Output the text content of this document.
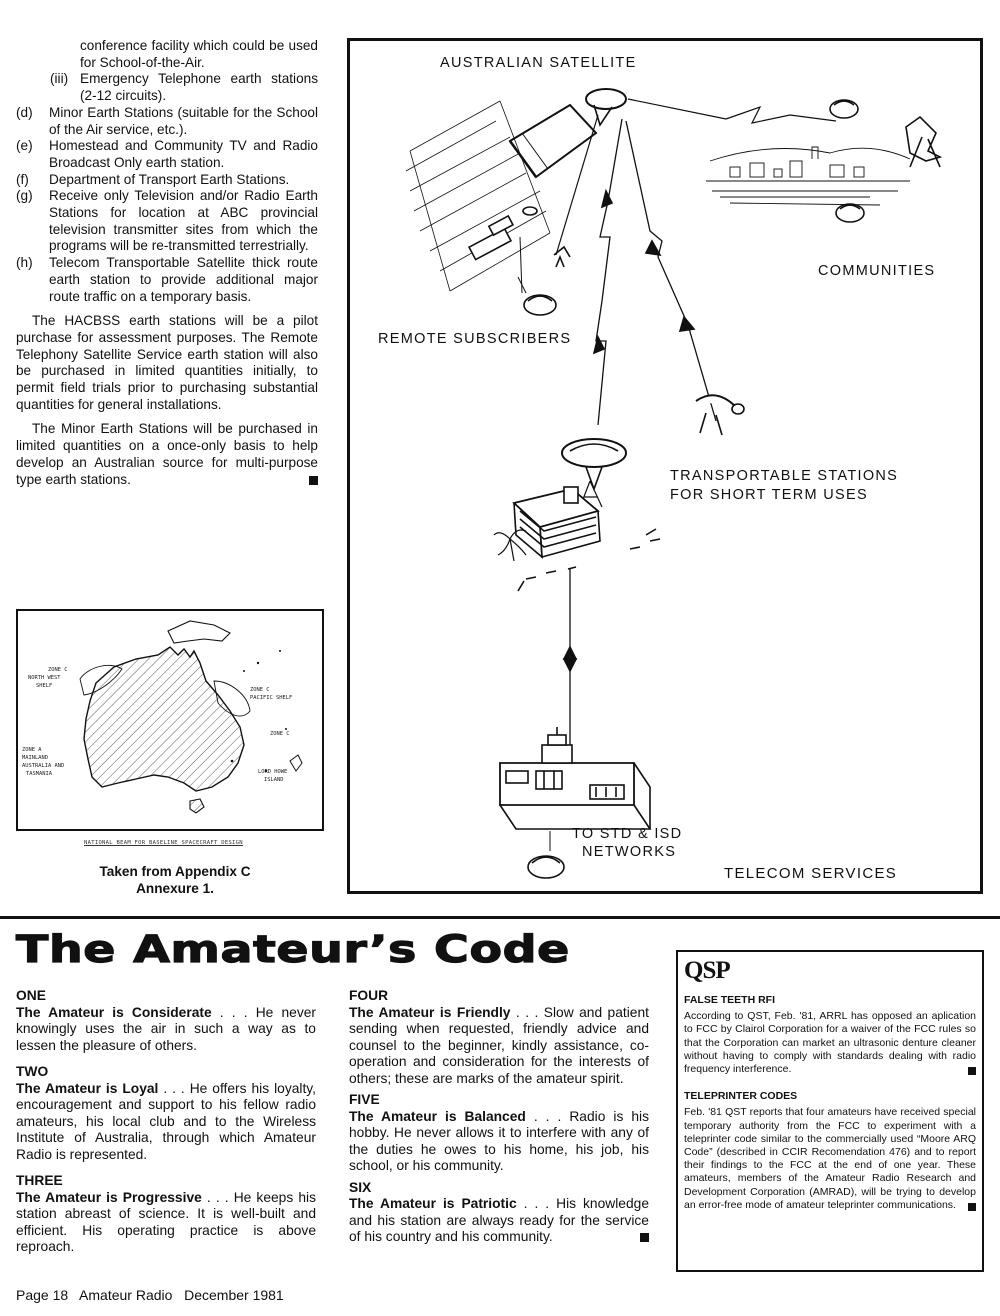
conference facility which could be used for School-of-the-Air.

(iii) Emergency Telephone earth stations (2-12 circuits).
(d)	Minor Earth Stations (suitable for the School of the Air service, etc.).
(e)	Homestead and Community TV and Radio Broadcast Only earth station.
(f)	Department of Transport Earth Stations.
(g)	Receive only Television and/or Radio Earth Stations for location at ABC provincial television transmitter sites from which the programs will be re-transmitted terrestrially.
(h)	Telecom Transportable Satellite thick route earth station to provide additional major route traffic on a temporary basis.

The HACBSS earth stations will be a pilot purchase for assessment purposes. The Remote Telephony Satellite Service earth station will also be purchased in limited quantities initially, to permit field trials prior to purchasing substantial quantities for general installations.

The Minor Earth Stations will be purchased in limited quantities on a once-only basis to help develop an Australian source for multi-purpose type earth stations.

ZONE C
NORTH WEST
SHELF
ZONE C
PACIFIC SHELF
ZONE C
ZONE A
MAINLAND
AUSTRALIA AND
TASMANIA	LORD HOWE
ISLAND
NATIONAL BEAM FOR BASELINE SPACECRAFT DESIGN
Taken from Appendix C
Annexure 1.
AUSTRALIAN SATELLITE
COMMUNITIES
REMOTE SUBSCRIBERS
TRANSPORTABLE STATIONS
FOR SHORT TERM USES
TO STD & ISD
NETWORKS
TELECOM SERVICES
The Amateur’s Code
ONE

The Amateur is Considerate . . . He never knowingly uses the air in such a way as to lessen the pleasure of others.

TWO

The Amateur is Loyal . . . He offers his loyalty, encouragement and support to his fellow radio amateurs, his local club and to the Wireless Institute of Australia, through which Amateur Radio is represented.

THREE

The Amateur is Progressive . . . He keeps his station abreast of science. It is well-built and efficient. His operating practice is above reproach.

FOUR

The Amateur is Friendly . . . Slow and patient sending when requested, friendly advice and counsel to the beginner, kindly assistance, co-operation and consideration for the interests of others; these are marks of the amateur spirit.

FIVE

The Amateur is Balanced . . . Radio is his hobby. He never allows it to interfere with any of the duties he owes to his home, his job, his school, or his community.

SIX

The Amateur is Patriotic . . . His knowledge and his station are always ready for the service of his country and his community.

QSP
FALSE TEETH RFI

According to QST, Feb. '81, ARRL has opposed an aplication to FCC by Clairol Corporation for a waiver of the FCC rules so that the Corporation can market an ultrasonic denture cleaner without having to comply with standards dealing with radio frequency interference.

TELEPRINTER CODES

Feb. '81 QST reports that four amateurs have received special temporary authority from the FCC to experiment with a teleprinter code similar to the commercially used “Moore ARQ Code” (described in CCIR Recomendation 476) and to report their findings to the FCC at the end of one year. These amateurs, members of the Amateur Radio Research and Development Corporation (AMRAD), will be trying to develop an error-free mode of amateur teleprinter communications.

Page 18   Amateur Radio   December 1981
